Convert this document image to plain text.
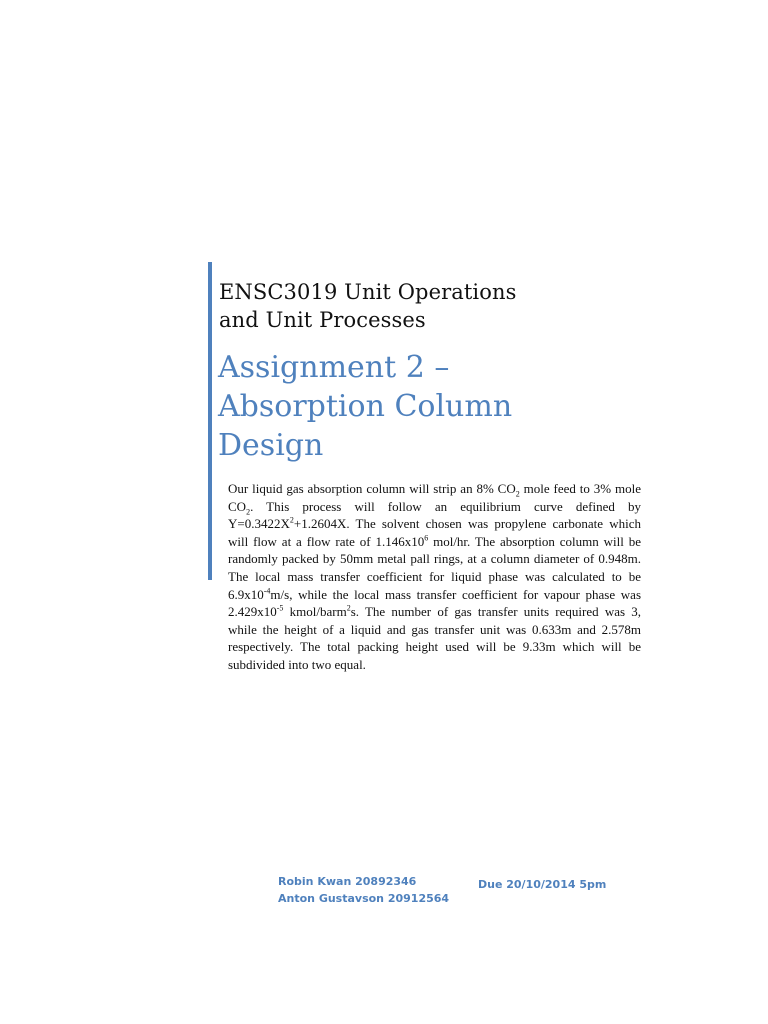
ENSC3019 Unit Operations
and Unit Processes
Assignment 2 –
Absorption Column
Design
Our liquid gas absorption column will strip an 8% $CO_2$ mole feed to 3% mole $CO_2$. This process will follow an equilibrium curve defined by $Y=0.3422X^2+1.2604X$. The solvent chosen was propylene carbonate which will flow at a flow rate of $1.146x10^6$ mol/hr. The absorption column will be randomly packed by 50mm metal pall rings, at a column diameter of 0.948m. The local mass transfer coefficient for liquid phase was calculated to be $6.9x10^{-4}m/s$, while the local mass transfer coefficient for vapour phase was $2.429x10^{-5}$ kmol/barm$^2$s. The number of gas transfer units required was 3, while the height of a liquid and gas transfer unit was 0.633m and 2.578m respectively. The total packing height used will be 9.33m which will be subdivided into two equal.
Robin Kwan 20892346
Anton Gustavson 20912564
Due 20/10/2014 5pm
